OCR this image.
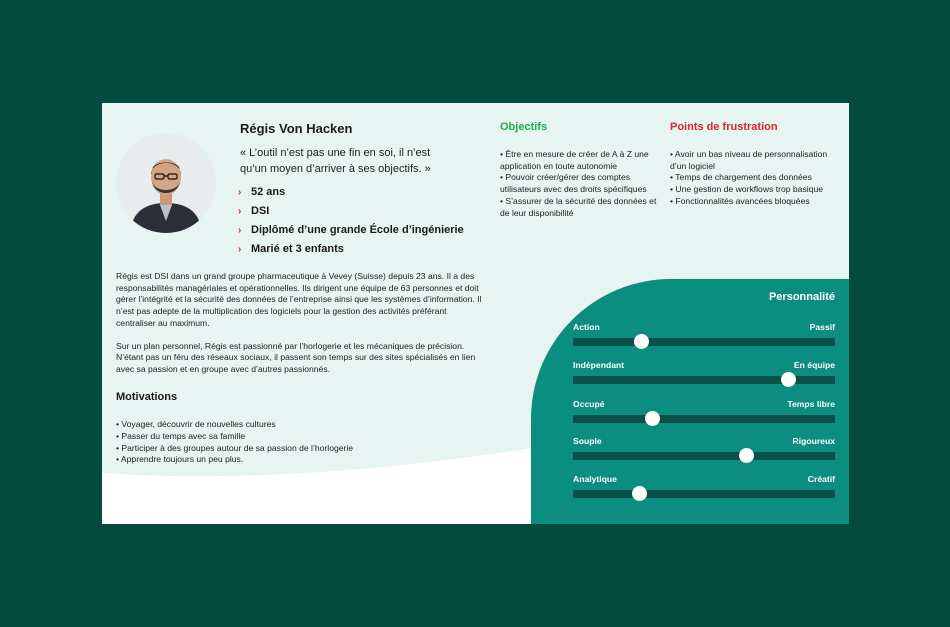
Régis Von Hacken
« L’outil n’est pas une fin en soi, il n’est qu’un moyen d’arriver à ses objectifs. »
› 52 ans
› DSI
› Diplômé d’une grande École d’ingénierie
› Marié et 3 enfants

Régis est DSI dans un grand groupe pharmaceutique à Vevey (Suisse) depuis 23 ans. Il a des responsabilités managériales et opérationnelles. Ils dirigent une équipe de 63 personnes et doit gérer l’intégrité et la sécurité des données de l’entreprise ainsi que les systèmes d’information. Il n’est pas adepte de la multiplication des logiciels pour la gestion des activités préférant centraliser au maximum.

Sur un plan personnel, Régis est passionné par l’horlogerie et les mécaniques de précision. N’étant pas un féru des réseaux sociaux, il passent son temps sur des sites spécialisés en lien avec sa passion et en groupe avec d’autres passionnés.

Motivations
• Voyager, découvrir de nouvelles cultures
• Passer du temps avec sa famille
• Participer à des groupes autour de sa passion de l’horlogerie
• Apprendre toujours un peu plus.
Objectifs
• Être en mesure de créer de A à Z une application en toute autonomie
• Pouvoir créer/gérer des comptes utilisateurs avec des droits spécifiques
• S’assurer de la sécurité des données et de leur disponibilité
Points de frustration
• Avoir un bas niveau de personnalisation d’un logiciel
• Temps de chargement des données
• Une gestion de workflows trop basique
• Fonctionnalités avancées bloquées
Personnalité
Action	Passif
Indépendant	En équipe
Occupé	Temps libre
Souple	Rigoureux
Analytique	Créatif
